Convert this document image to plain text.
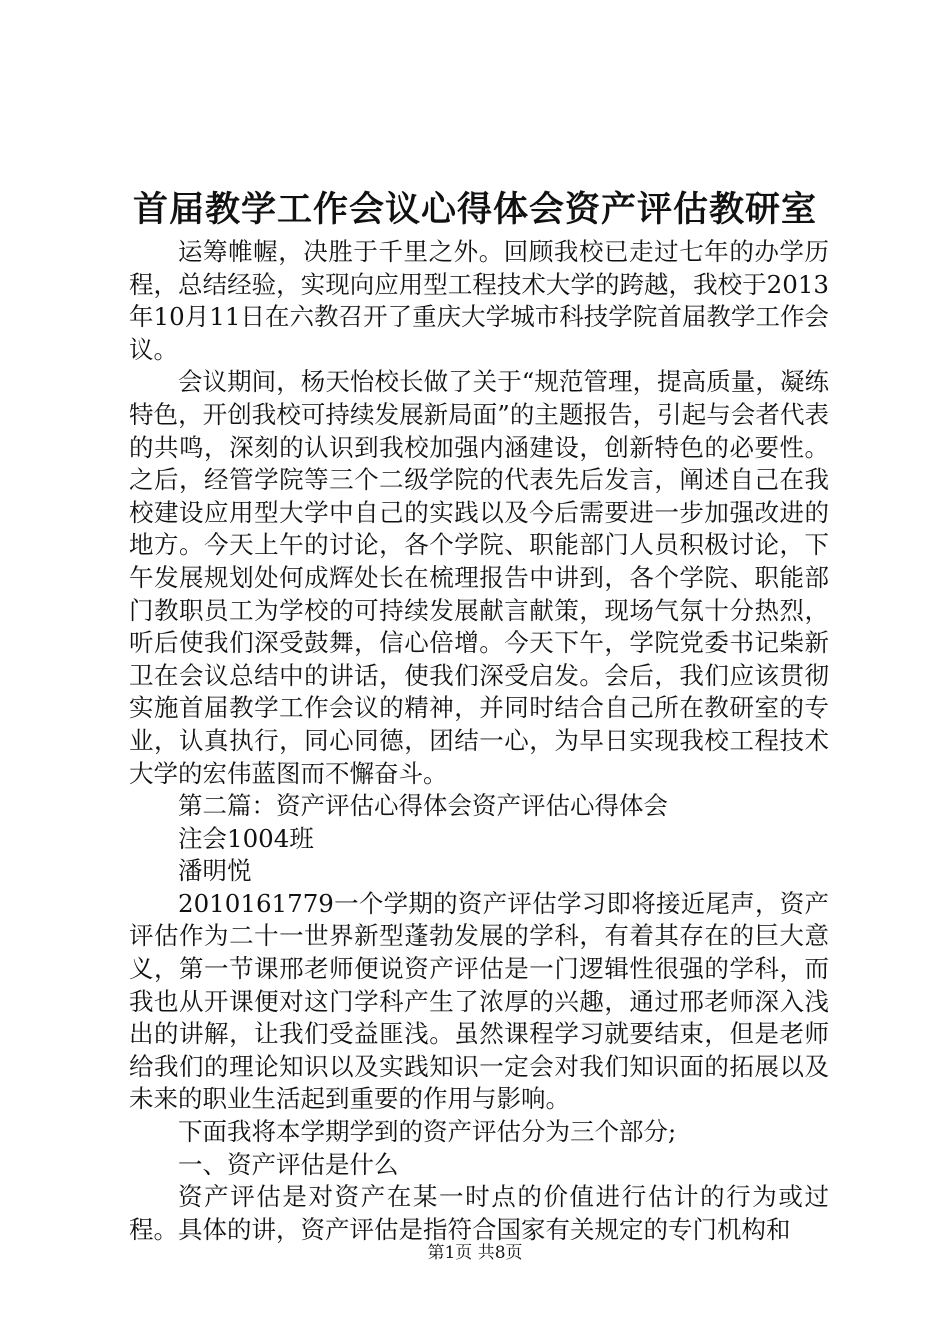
首届教学工作会议心得体会资产评估教研室

运筹帷幄，决胜于千里之外。回顾我校已走过七年的办学历程，总结经验，实现向应用型工程技术大学的跨越，我校于2013年10月11日在六教召开了重庆大学城市科技学院首届教学工作会议。

会议期间，杨天怡校长做了关于“规范管理，提高质量，凝练特色，开创我校可持续发展新局面”的主题报告，引起与会者代表的共鸣，深刻的认识到我校加强内涵建设，创新特色的必要性。之后，经管学院等三个二级学院的代表先后发言，阐述自己在我校建设应用型大学中自己的实践以及今后需要进一步加强改进的地方。今天上午的讨论，各个学院、职能部门人员积极讨论，下午发展规划处何成辉处长在梳理报告中讲到，各个学院、职能部门教职员工为学校的可持续发展献言献策，现场气氛十分热烈，听后使我们深受鼓舞，信心倍增。今天下午，学院党委书记柴新卫在会议总结中的讲话，使我们深受启发。会后，我们应该贯彻实施首届教学工作会议的精神，并同时结合自己所在教研室的专业，认真执行，同心同德，团结一心，为早日实现我校工程技术大学的宏伟蓝图而不懈奋斗。

第二篇：资产评估心得体会资产评估心得体会

注会1004班

潘明悦

2010161779一个学期的资产评估学习即将接近尾声，资产评估作为二十一世界新型蓬勃发展的学科，有着其存在的巨大意义，第一节课邢老师便说资产评估是一门逻辑性很强的学科，而我也从开课便对这门学科产生了浓厚的兴趣，通过邢老师深入浅出的讲解，让我们受益匪浅。虽然课程学习就要结束，但是老师给我们的理论知识以及实践知识一定会对我们知识面的拓展以及未来的职业生活起到重要的作用与影响。

下面我将本学期学到的资产评估分为三个部分;

一、资产评估是什么

资产评估是对资产在某一时点的价值进行估计的行为或过程。具体的讲，资产评估是指符合国家有关规定的专门机构和

第1页 共8页
